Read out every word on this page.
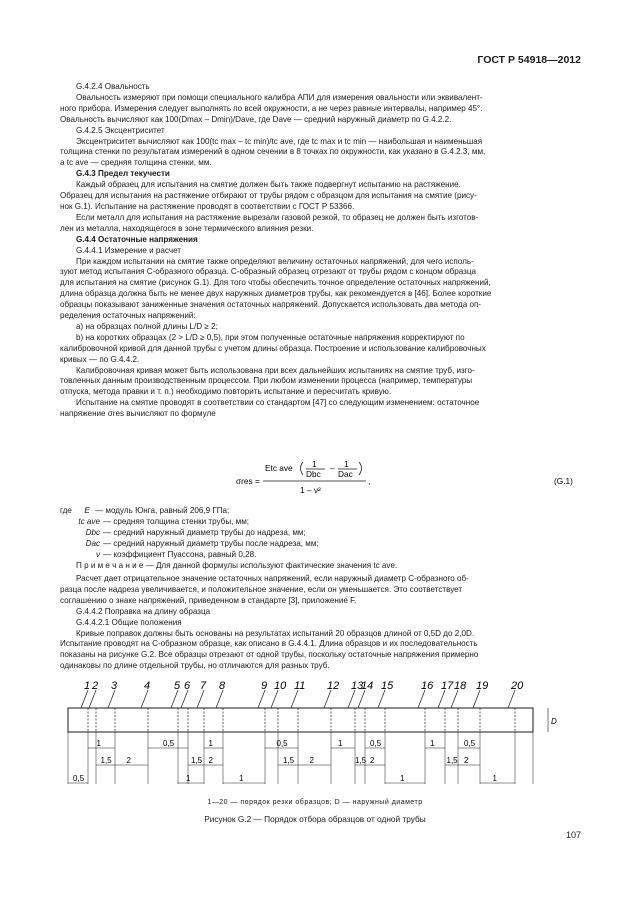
ГОСТ Р 54918—2012
G.4.2.4 Овальность
Овальность измеряют при помощи специального калибра АПИ для измерения овальности или эквивалент-
ного прибора. Измерения следует выполнять по всей окружности, а не через равные интервалы, например 45°.
Овальность вычисляют как 100(Dmax – Dmin)/Dave, где Dave — средний наружный диаметр по G.4.2.2.
G.4.2.5 Эксцентриситет
Эксцентриситет вычисляют как 100(tc max – tc min)/tc ave, где tc max и tc min — наибольшая и наименьшая
толщина стенки по результатам измерений в одном сечении в 8 точках по окружности, как указано в G.4.2.3, мм,
а tc ave — средняя толщина стенки, мм.
G.4.3 Предел текучести
Каждый образец для испытания на смятие должен быть также подвергнут испытанию на растяжение.
Образец для испытания на растяжение отбирают от трубы рядом с образцом для испытания на смятие (рису-
нок G.1). Испытание на растяжение проводят в соответствии с ГОСТ Р 53366.
Если металл для испытания на растяжение вырезали газовой резкой, то образец не должен быть изготов-
лен из металла, находящегося в зоне термического влияния резки.
G.4.4 Остаточные напряжения
G.4.4.1 Измерение и расчет
При каждом испытании на смятие также определяют величину остаточных напряжений, для чего исполь-
зуют метод испытания С-образного образца. С-образный образец отрезают от трубы рядом с концом образца
для испытания на смятие (рисунок G.1). Для того чтобы обеспечить точное определение остаточных напряжений,
длина образца должна быть не менее двух наружных диаметров трубы, как рекомендуется в [46]. Более короткие
образцы показывают заниженные значения остаточных напряжений. Допускается использовать два метода оп-
ределения остаточных напряжений:
a) на образцах полной длины L/D ≥ 2;
b) на коротких образцах (2 > L/D ≥ 0,5), при этом полученные остаточные напряжения корректируют по
калибровочной кривой для данной трубы с учетом длины образца. Построение и использование калибровочных
кривых — по G.4.4.2.
Калибровочная кривая может быть использована при всех дальнейших испытаниях на смятие труб, изго-
товленных данным производственным процессом. При любом изменении процесса (например, температуры
отпуска, метода правки и т. п.) необходимо повторить испытание и пересчитать кривую.
Испытание на смятие проводят в соответствии со стандартом [47] со следующим изменением: остаточное
напряжение σres вычисляют по формуле
σres =
Etc ave 1
Dbc
– 1
Dac
1 – ν²
,	(G.1)
где E — модуль Юнга, равный 206,9 ГПа;
tc ave — средняя толщина стенки трубы, мм;
Dbc — средний наружный диаметр трубы до надреза, мм;
Dac — средний наружный диаметр трубы после надреза, мм;
ν — коэффициент Пуассона, равный 0,28.
П р и м е ч а н и е — Для данной формулы используют фактические значения tc ave.
Расчет дает отрицательное значение остаточных напряжений, если наружный диаметр С-образного об-
разца после надреза увеличивается, и положительное значение, если он уменьшается. Это соответствует
соглашению о знаке напряжений, приведенном в стандарте [3], приложение F.
G.4.4.2 Поправка на длину образца
G.4.4.2.1 Общие положения
Кривые поправок должны быть основаны на результатах испытаний 20 образцов длиной от 0,5D до 2,0D.
Испытание проводят на С-образном образце, как описано в G.4.4.1. Длина образцов и их последовательность
показаны на рисунке G.2. Все образцы отрезают от одной трубы, поскольку остаточные напряжения примерно
одинаковы по длине отдельной трубы, но отличаются для разных труб.
1 2 3 4 5 6 7 8	9 10 11 12 13
14 15	16 17 18 19 20
D
1	0,5	1	0,5	1	0,5	1	0,5
1,5 2	1,5 2	1,5 2	1,5 2	1,5 2
0,5	1	1	1	1
1—20 — порядок резки образцов; D — наружный диаметр
Рисунок G.2 — Порядок отбора образцов от одной трубы
107
